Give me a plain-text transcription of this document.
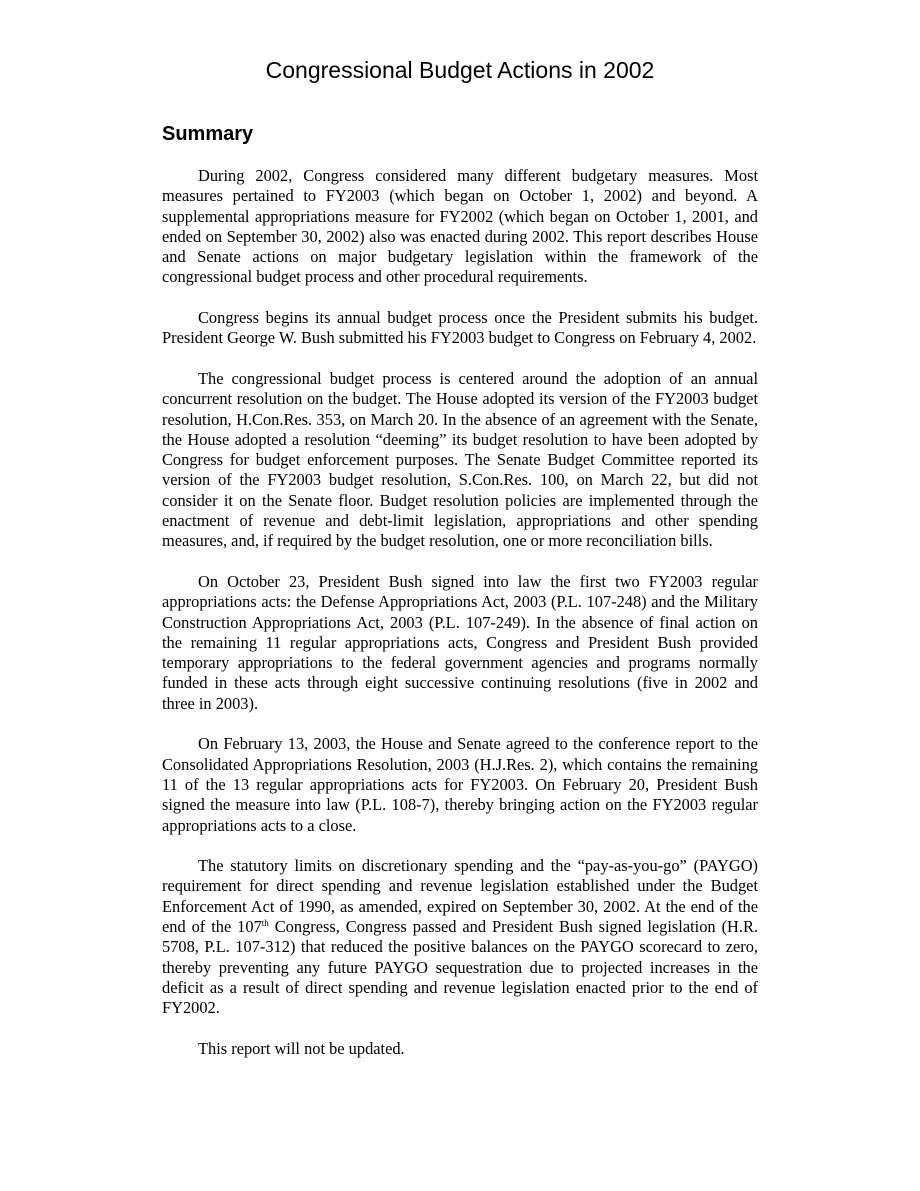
Congressional Budget Actions in 2002
Summary

During 2002, Congress considered many different budgetary measures. Most measures pertained to FY2003 (which began on October 1, 2002) and beyond. A supplemental appropriations measure for FY2002 (which began on October 1, 2001, and ended on September 30, 2002) also was enacted during 2002. This report describes House and Senate actions on major budgetary legislation within the framework of the congressional budget process and other procedural requirements.

Congress begins its annual budget process once the President submits his budget. President George W. Bush submitted his FY2003 budget to Congress on February 4, 2002.

The congressional budget process is centered around the adoption of an annual concurrent resolution on the budget. The House adopted its version of the FY2003 budget resolution, H.Con.Res. 353, on March 20. In the absence of an agreement with the Senate, the House adopted a resolution “deeming” its budget resolution to have been adopted by Congress for budget enforcement purposes. The Senate Budget Committee reported its version of the FY2003 budget resolution, S.Con.Res. 100, on March 22, but did not consider it on the Senate floor. Budget resolution policies are implemented through the enactment of revenue and debt-limit legislation, appropriations and other spending measures, and, if required by the budget resolution, one or more reconciliation bills.

On October 23, President Bush signed into law the first two FY2003 regular appropriations acts: the Defense Appropriations Act, 2003 (P.L. 107-248) and the Military Construction Appropriations Act, 2003 (P.L. 107-249). In the absence of final action on the remaining 11 regular appropriations acts, Congress and President Bush provided temporary appropriations to the federal government agencies and programs normally funded in these acts through eight successive continuing resolutions (five in 2002 and three in 2003).

On February 13, 2003, the House and Senate agreed to the conference report to the Consolidated Appropriations Resolution, 2003 (H.J.Res. 2), which contains the remaining 11 of the 13 regular appropriations acts for FY2003. On February 20, President Bush signed the measure into law (P.L. 108-7), thereby bringing action on the FY2003 regular appropriations acts to a close.

The statutory limits on discretionary spending and the “pay-as-you-go” (PAYGO) requirement for direct spending and revenue legislation established under the Budget Enforcement Act of 1990, as amended, expired on September 30, 2002. At the end of the end of the 107th Congress, Congress passed and President Bush signed legislation (H.R. 5708, P.L. 107-312) that reduced the positive balances on the PAYGO scorecard to zero, thereby preventing any future PAYGO sequestration due to projected increases in the deficit as a result of direct spending and revenue legislation enacted prior to the end of FY2002.

This report will not be updated.
